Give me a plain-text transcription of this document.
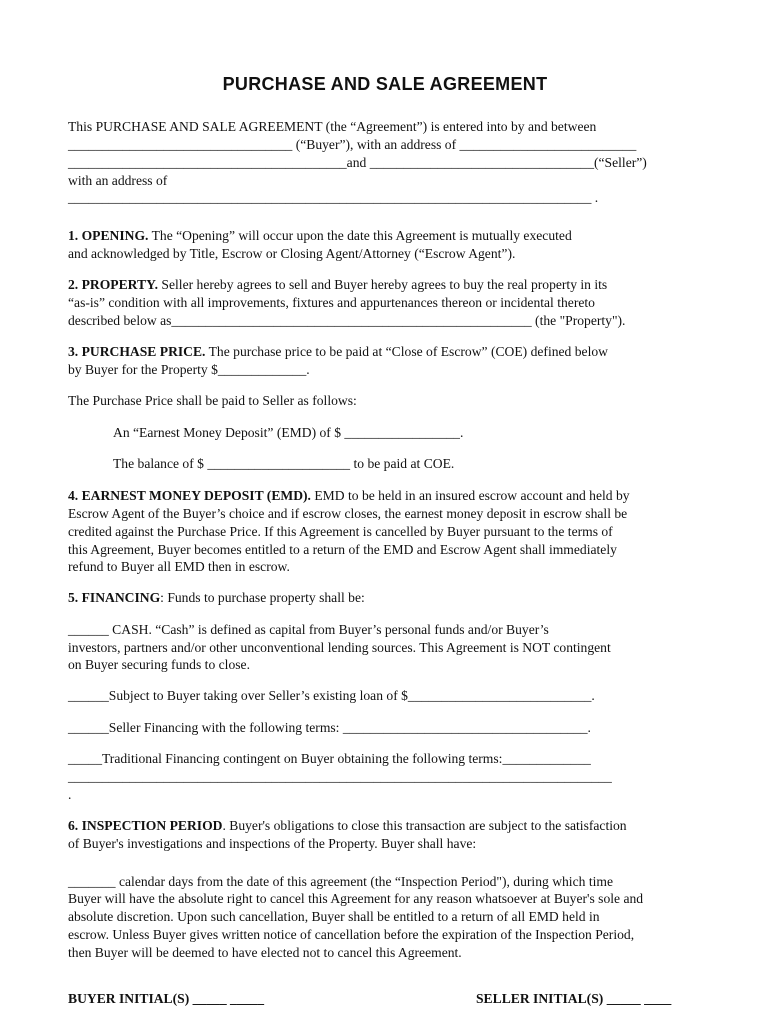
PURCHASE AND SALE AGREEMENT
This PURCHASE AND SALE AGREEMENT (the “Agreement”) is entered into by and between
_________________________________ (“Buyer”), with an address of __________________________
_________________________________________and _________________________________(“Seller”)
with an address of
_____________________________________________________________________________ .
1. OPENING. The “Opening” will occur upon the date this Agreement is mutually executed
and acknowledged by Title, Escrow or Closing Agent/Attorney (“Escrow Agent”).
2. PROPERTY. Seller hereby agrees to sell and Buyer hereby agrees to buy the real property in its
“as-is” condition with all improvements, fixtures and appurtenances thereon or incidental thereto
described below as_____________________________________________________ (the "Property").
3. PURCHASE PRICE. The purchase price to be paid at “Close of Escrow” (COE) defined below
by Buyer for the Property $_____________.
The Purchase Price shall be paid to Seller as follows:
An “Earnest Money Deposit” (EMD) of $ _________________.
The balance of $ _____________________ to be paid at COE.
4. EARNEST MONEY DEPOSIT (EMD). EMD to be held in an insured escrow account and held by
Escrow Agent of the Buyer’s choice and if escrow closes, the earnest money deposit in escrow shall be
credited against the Purchase Price. If this Agreement is cancelled by Buyer pursuant to the terms of
this Agreement, Buyer becomes entitled to a return of the EMD and Escrow Agent shall immediately
refund to Buyer all EMD then in escrow.
5. FINANCING: Funds to purchase property shall be:
______ CASH. “Cash” is defined as capital from Buyer’s personal funds and/or Buyer’s
investors, partners and/or other unconventional lending sources. This Agreement is NOT contingent
on Buyer securing funds to close.
______Subject to Buyer taking over Seller’s existing loan of $___________________________.
______Seller Financing with the following terms: ____________________________________.
_____Traditional Financing contingent on Buyer obtaining the following terms:_____________
________________________________________________________________________________
.
6. INSPECTION PERIOD. Buyer's obligations to close this transaction are subject to the satisfaction
of Buyer's investigations and inspections of the Property. Buyer shall have:
_______ calendar days from the date of this agreement (the “Inspection Period"), during which time
Buyer will have the absolute right to cancel this Agreement for any reason whatsoever at Buyer's sole and
absolute discretion. Upon such cancellation, Buyer shall be entitled to a return of all EMD held in
escrow. Unless Buyer gives written notice of cancellation before the expiration of the Inspection Period,
then Buyer will be deemed to have elected not to cancel this Agreement.
BUYER INITIAL(S) _____ _____	SELLER INITIAL(S) _____ ____
